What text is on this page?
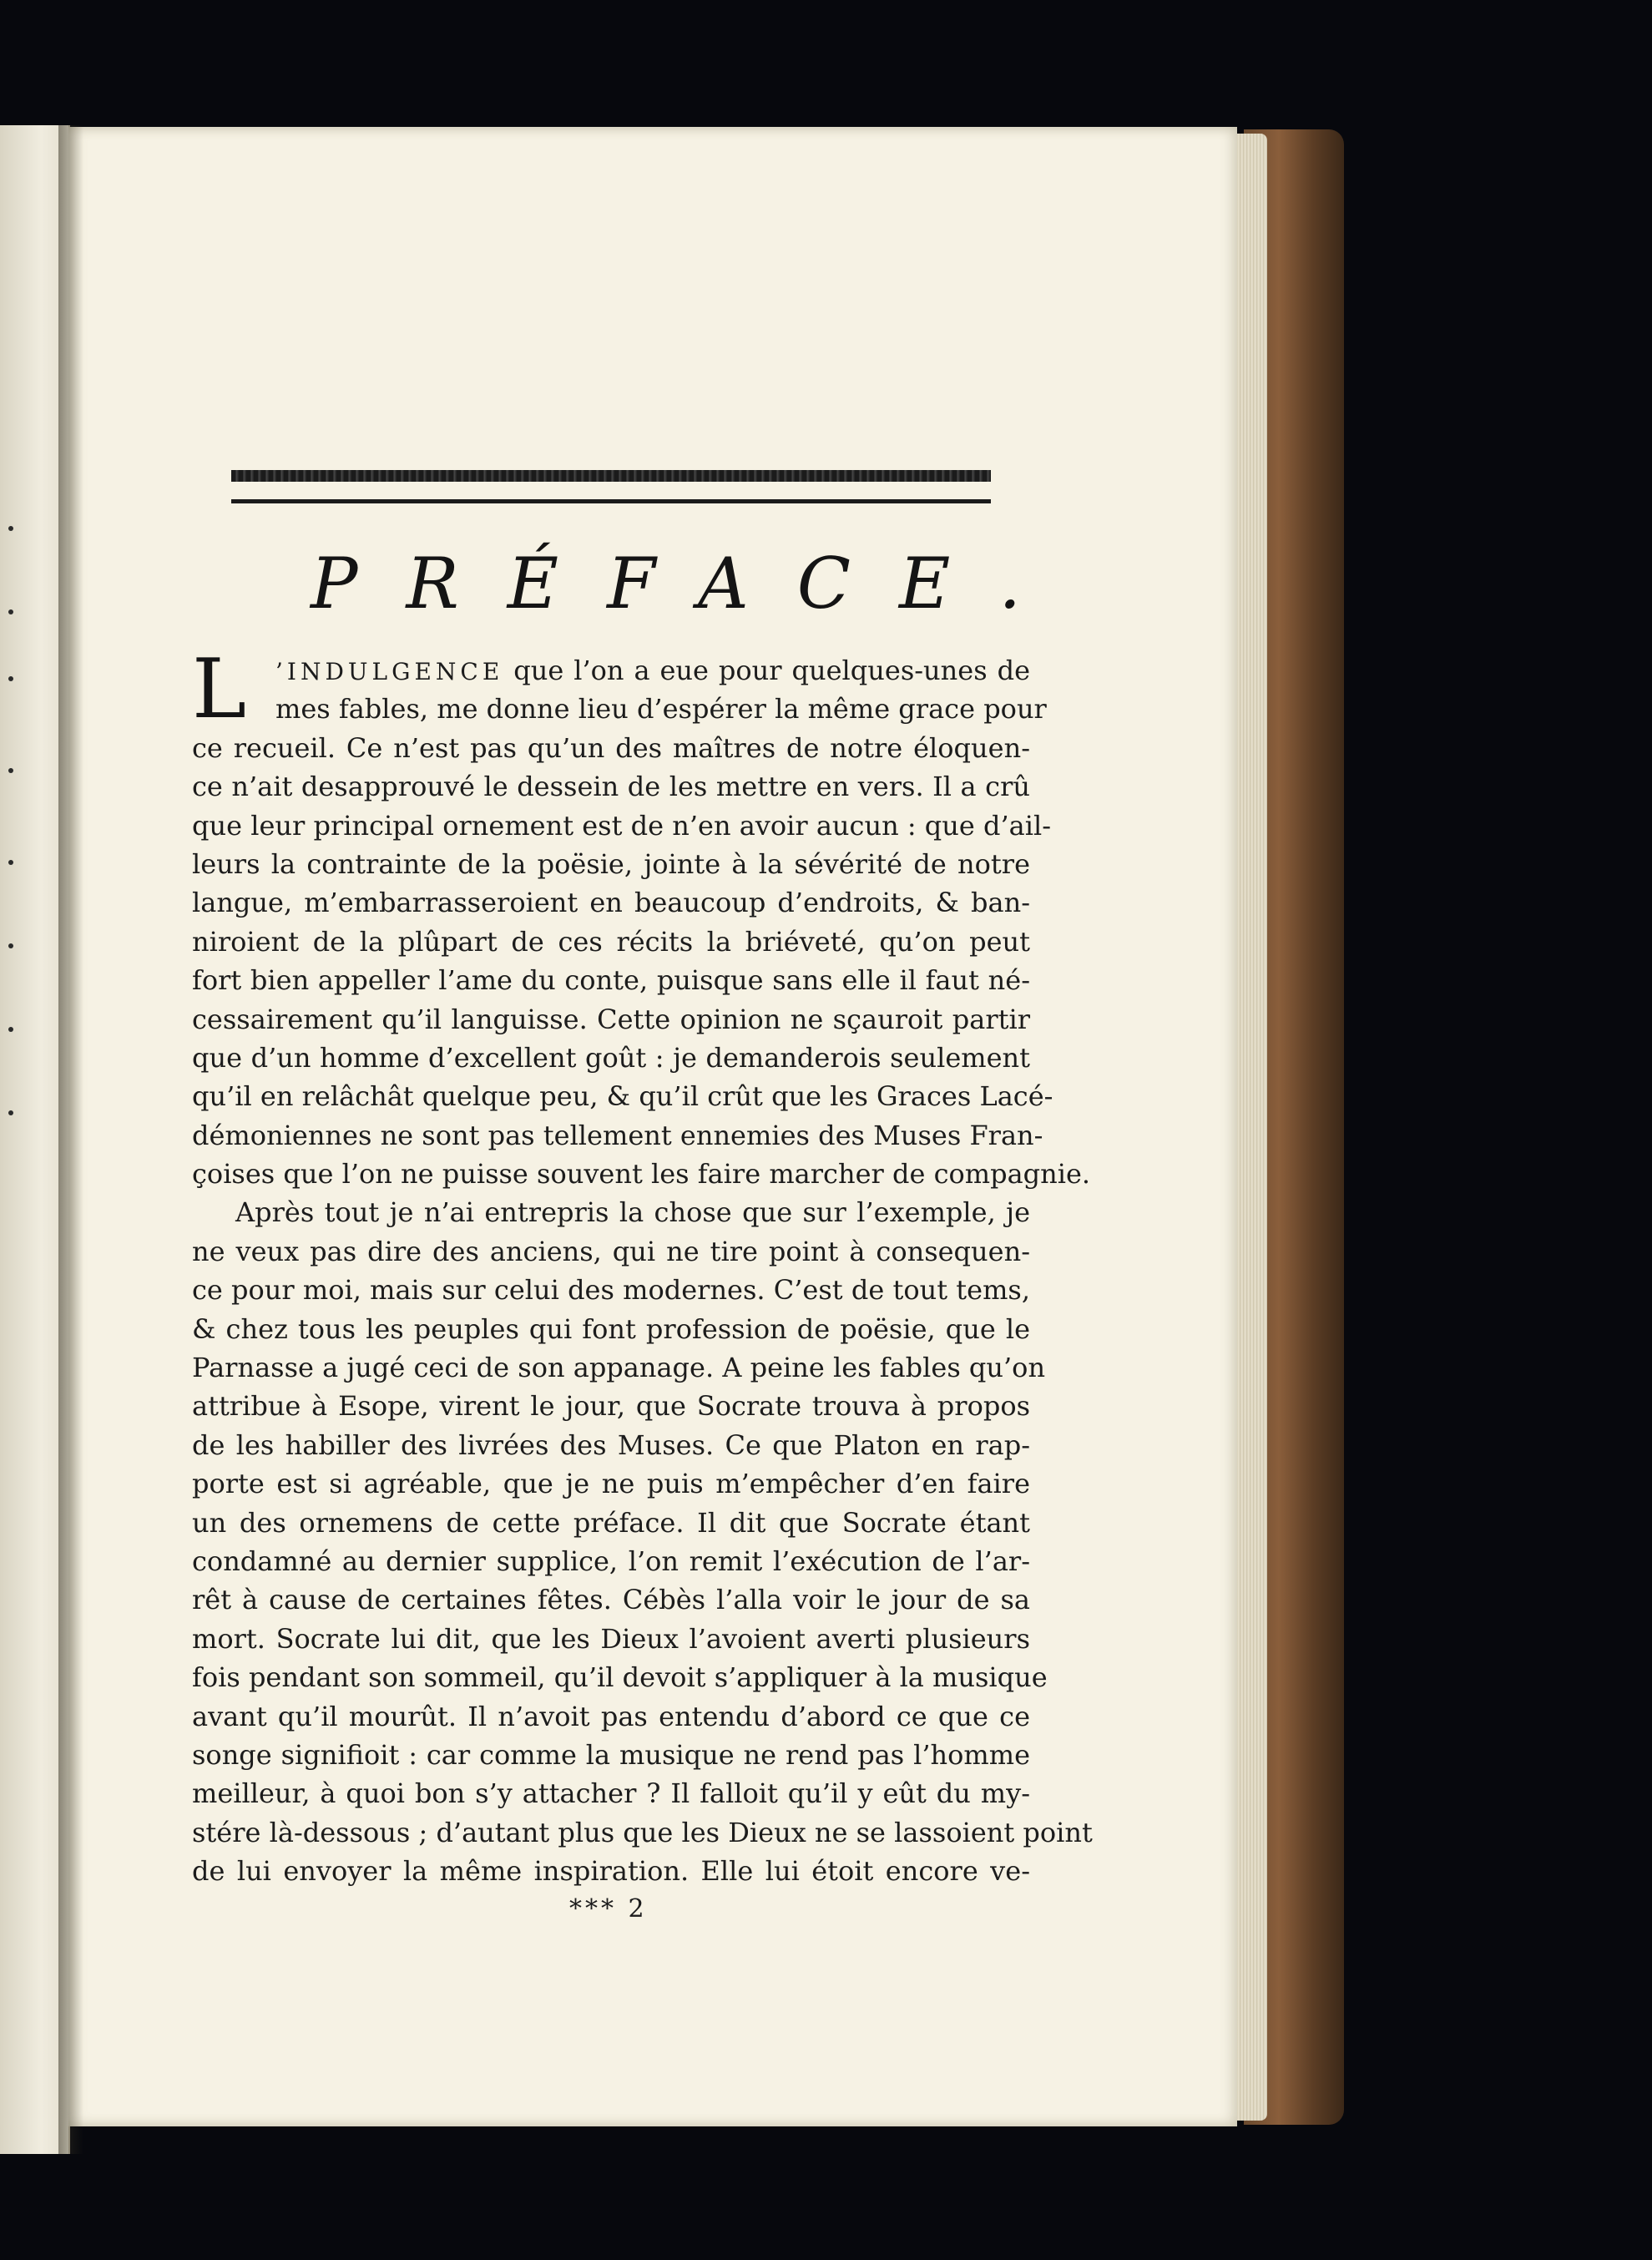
PRÉFACE.
L	’INDULGENCE que l’on a eue pour quelques-unes de
mes fables, me donne lieu d’espérer la même grace pour
ce recueil. Ce n’est pas qu’un des maîtres de notre éloquen-
ce n’ait desapprouvé le dessein de les mettre en vers. Il a crû
que leur principal ornement est de n’en avoir aucun : que d’ail-
leurs la contrainte de la poësie, jointe à la sévérité de notre
langue, m’embarrasseroient en beaucoup d’endroits, & ban-
niroient de la plûpart de ces récits la briéveté, qu’on peut
fort bien appeller l’ame du conte, puisque sans elle il faut né-
cessairement qu’il languisse. Cette opinion ne sçauroit partir
que d’un homme d’excellent goût : je demanderois seulement
qu’il en relâchât quelque peu, & qu’il crût que les Graces Lacé-
démoniennes ne sont pas tellement ennemies des Muses Fran-
çoises que l’on ne puisse souvent les faire marcher de compagnie.
Après tout je n’ai entrepris la chose que sur l’exemple, je
ne veux pas dire des anciens, qui ne tire point à consequen-
ce pour moi, mais sur celui des modernes. C’est de tout tems,
& chez tous les peuples qui font profession de poësie, que le
Parnasse a jugé ceci de son appanage. A peine les fables qu’on
attribue à Esope, virent le jour, que Socrate trouva à propos
de les habiller des livrées des Muses. Ce que Platon en rap-
porte est si agréable, que je ne puis m’empêcher d’en faire
un des ornemens de cette préface. Il dit que Socrate étant
condamné au dernier supplice, l’on remit l’exécution de l’ar-
rêt à cause de certaines fêtes. Cébès l’alla voir le jour de sa
mort. Socrate lui dit, que les Dieux l’avoient averti plusieurs
fois pendant son sommeil, qu’il devoit s’appliquer à la musique
avant qu’il mourût. Il n’avoit pas entendu d’abord ce que ce
songe signifioit : car comme la musique ne rend pas l’homme
meilleur, à quoi bon s’y attacher ? Il falloit qu’il y eût du my-
stére là-dessous ; d’autant plus que les Dieux ne se lassoient point
de lui envoyer la même inspiration. Elle lui étoit encore ve-
*** 2
